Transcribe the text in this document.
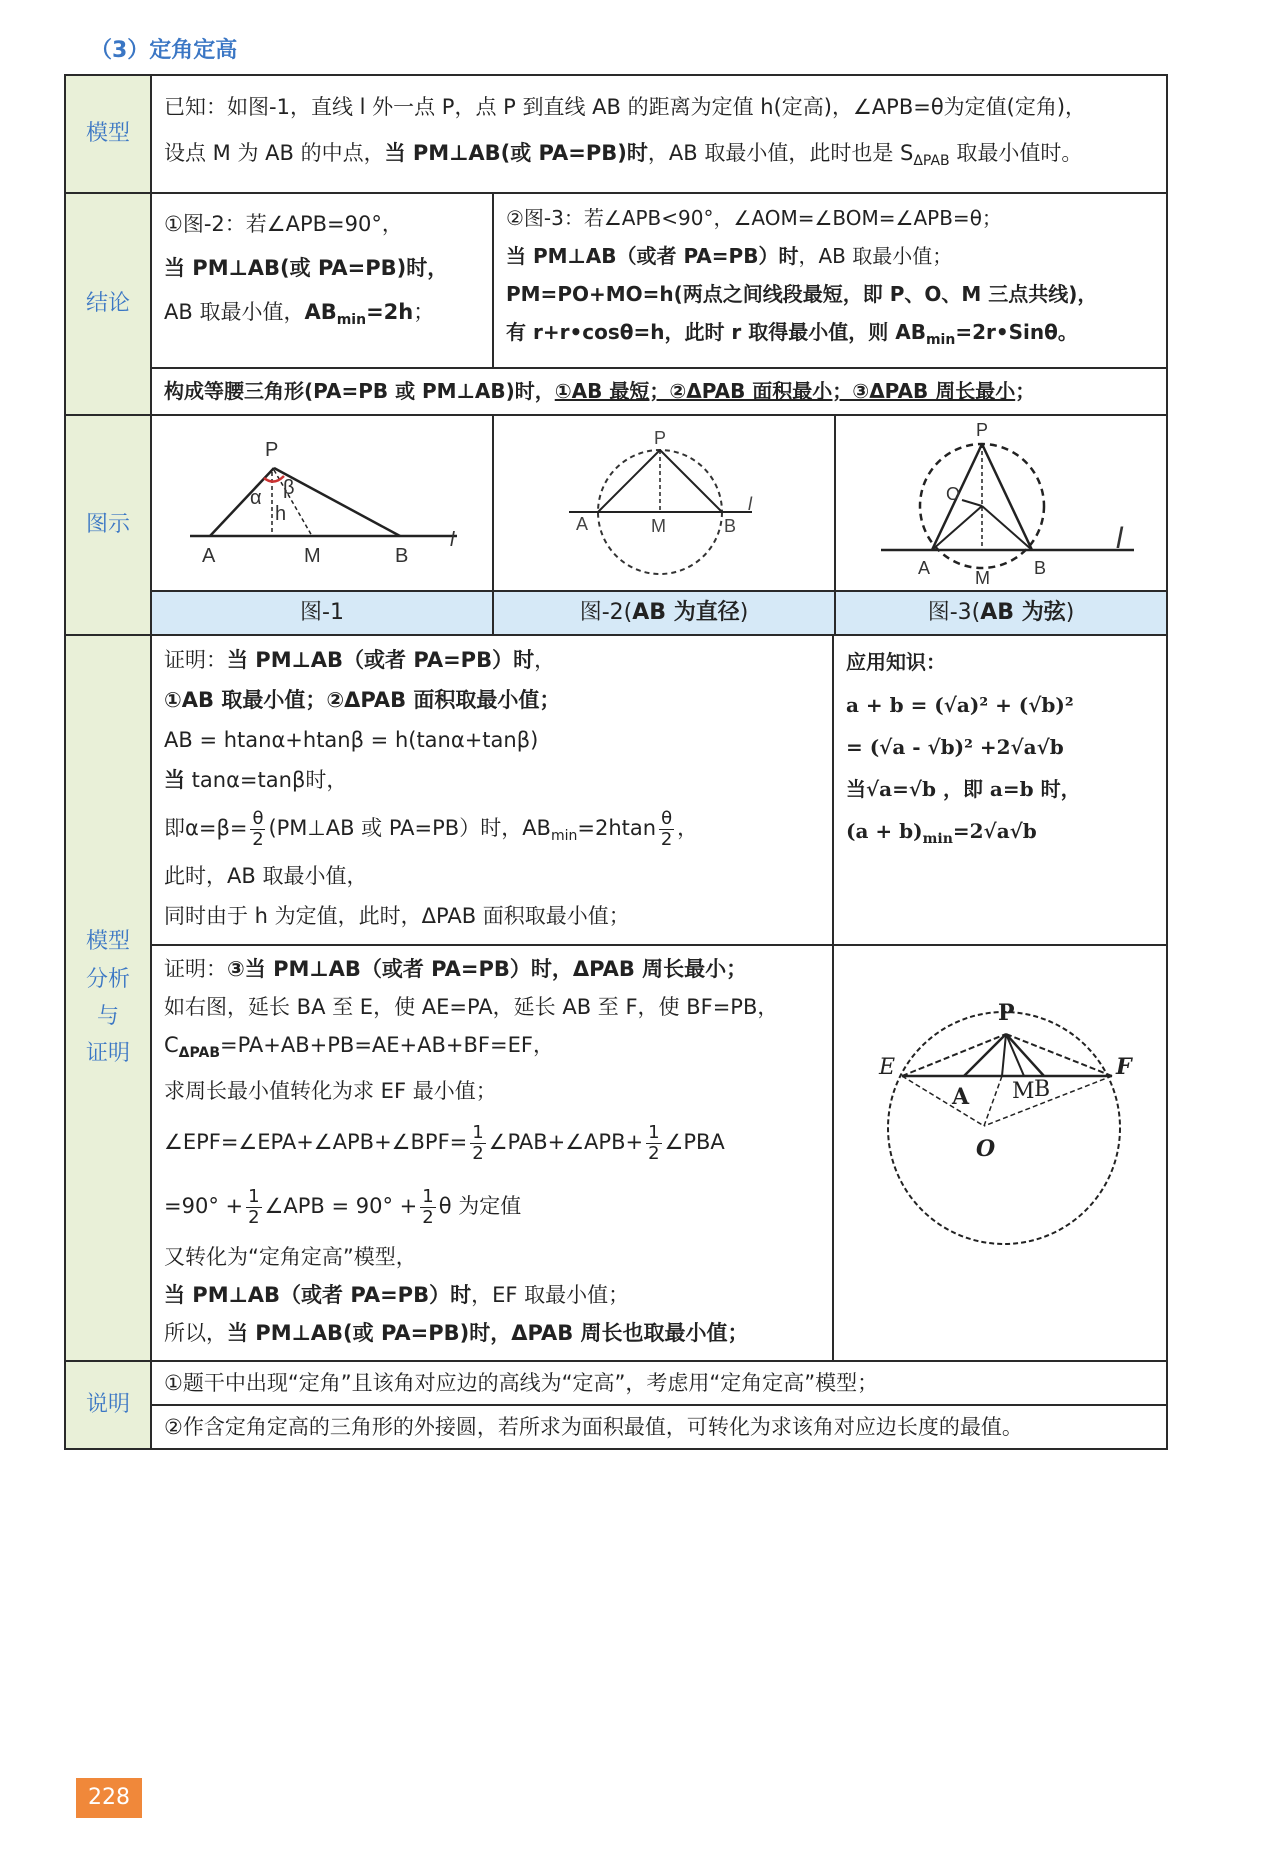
（3）定角定高
模型	
已知：如图-1，直线 l 外一点 P，点 P 到直线 AB 的距离为定值 h(定高)，∠APB=θ为定值(定角)，
设点 M 为 AB 的中点，当 PM⊥AB(或 PA=PB)时，AB 取最小值，此时也是 $S_{\Delta PAB}$ 取最小值时。

结论	
①图-2：若∠APB=90°，
当 PM⊥AB(或 PA=PB)时，
AB 取最小值，$AB_{min}=2h$；

②图-3：若∠APB<90°，∠AOM=∠BOM=∠APB=θ；
当 PM⊥AB（或者 PA=PB）时，AB 取最小值；
PM=PO+MO=h(两点之间线段最短，即 P、O、M 三点共线)，
有 r+r•cosθ=h，此时 r 取得最小值，则 $AB_{min}=2r•Sin\theta$。

构成等腰三角形(PA=PB 或 PM⊥AB)时，①AB 最短；②ΔPAB 面积最小；③ΔPAB 周长最小；

图示	
P
α β
h
A	M	B
l

P
A	M	B
l

P
O
A M B
l

图-1	图-2(AB 为直径)	图-3(AB 为弦)

模型
分析
与
证明

证明：当 PM⊥AB（或者 PA=PB）时，
①AB 取最小值；②ΔPAB 面积取最小值；
AB = htanα+htanβ = h(tanα+tanβ)
当 tanα=tanβ时，
即$\alpha=\beta= \frac{\theta}{2}$ (PM⊥AB 或 PA=PB）时，$AB_{min}=2htan \frac{\theta}{2}$ ，
此时，AB 取最小值，
同时由于 h 为定值，此时，ΔPAB 面积取最小值；

应用知识：
a + b = (√a)² + (√b)²
= (√a - √b)² +2√a√b
当√a=√b ，即 a=b 时，
$(a + b)_{min}=2√a√b$

证明：③当 PM⊥AB（或者 PA=PB）时，ΔPAB 周长最小；
如右图，延长 BA 至 E，使 AE=PA，延长 AB 至 F，使 BF=PB，
$C_{\Delta PAB}=PA+AB+PB=AE+AB+BF=EF$，
求周长最小值转化为求 EF 最小值；
∠EPF=∠EPA+∠APB+∠BPF= $\frac{1}{2}$ ∠PAB+∠APB+ $\frac{1}{2}$ ∠PBA
$=90^\circ + \frac{1}{2}$ ∠APB = $90^\circ + \frac{1}{2}$ θ 为定值
又转化为“定角定高”模型，
当 PM⊥AB（或者 PA=PB）时，EF 取最小值；
所以，当 PM⊥AB(或 PA=PB)时，ΔPAB 周长也取最小值；

P
E	F
A M B
O

说明	
①题干中出现“定角”且该角对应边的高线为“定高”，考虑用“定角定高”模型；

②作含定角定高的三角形的外接圆，若所求为面积最值，可转化为求该角对应边长度的最值。
228
